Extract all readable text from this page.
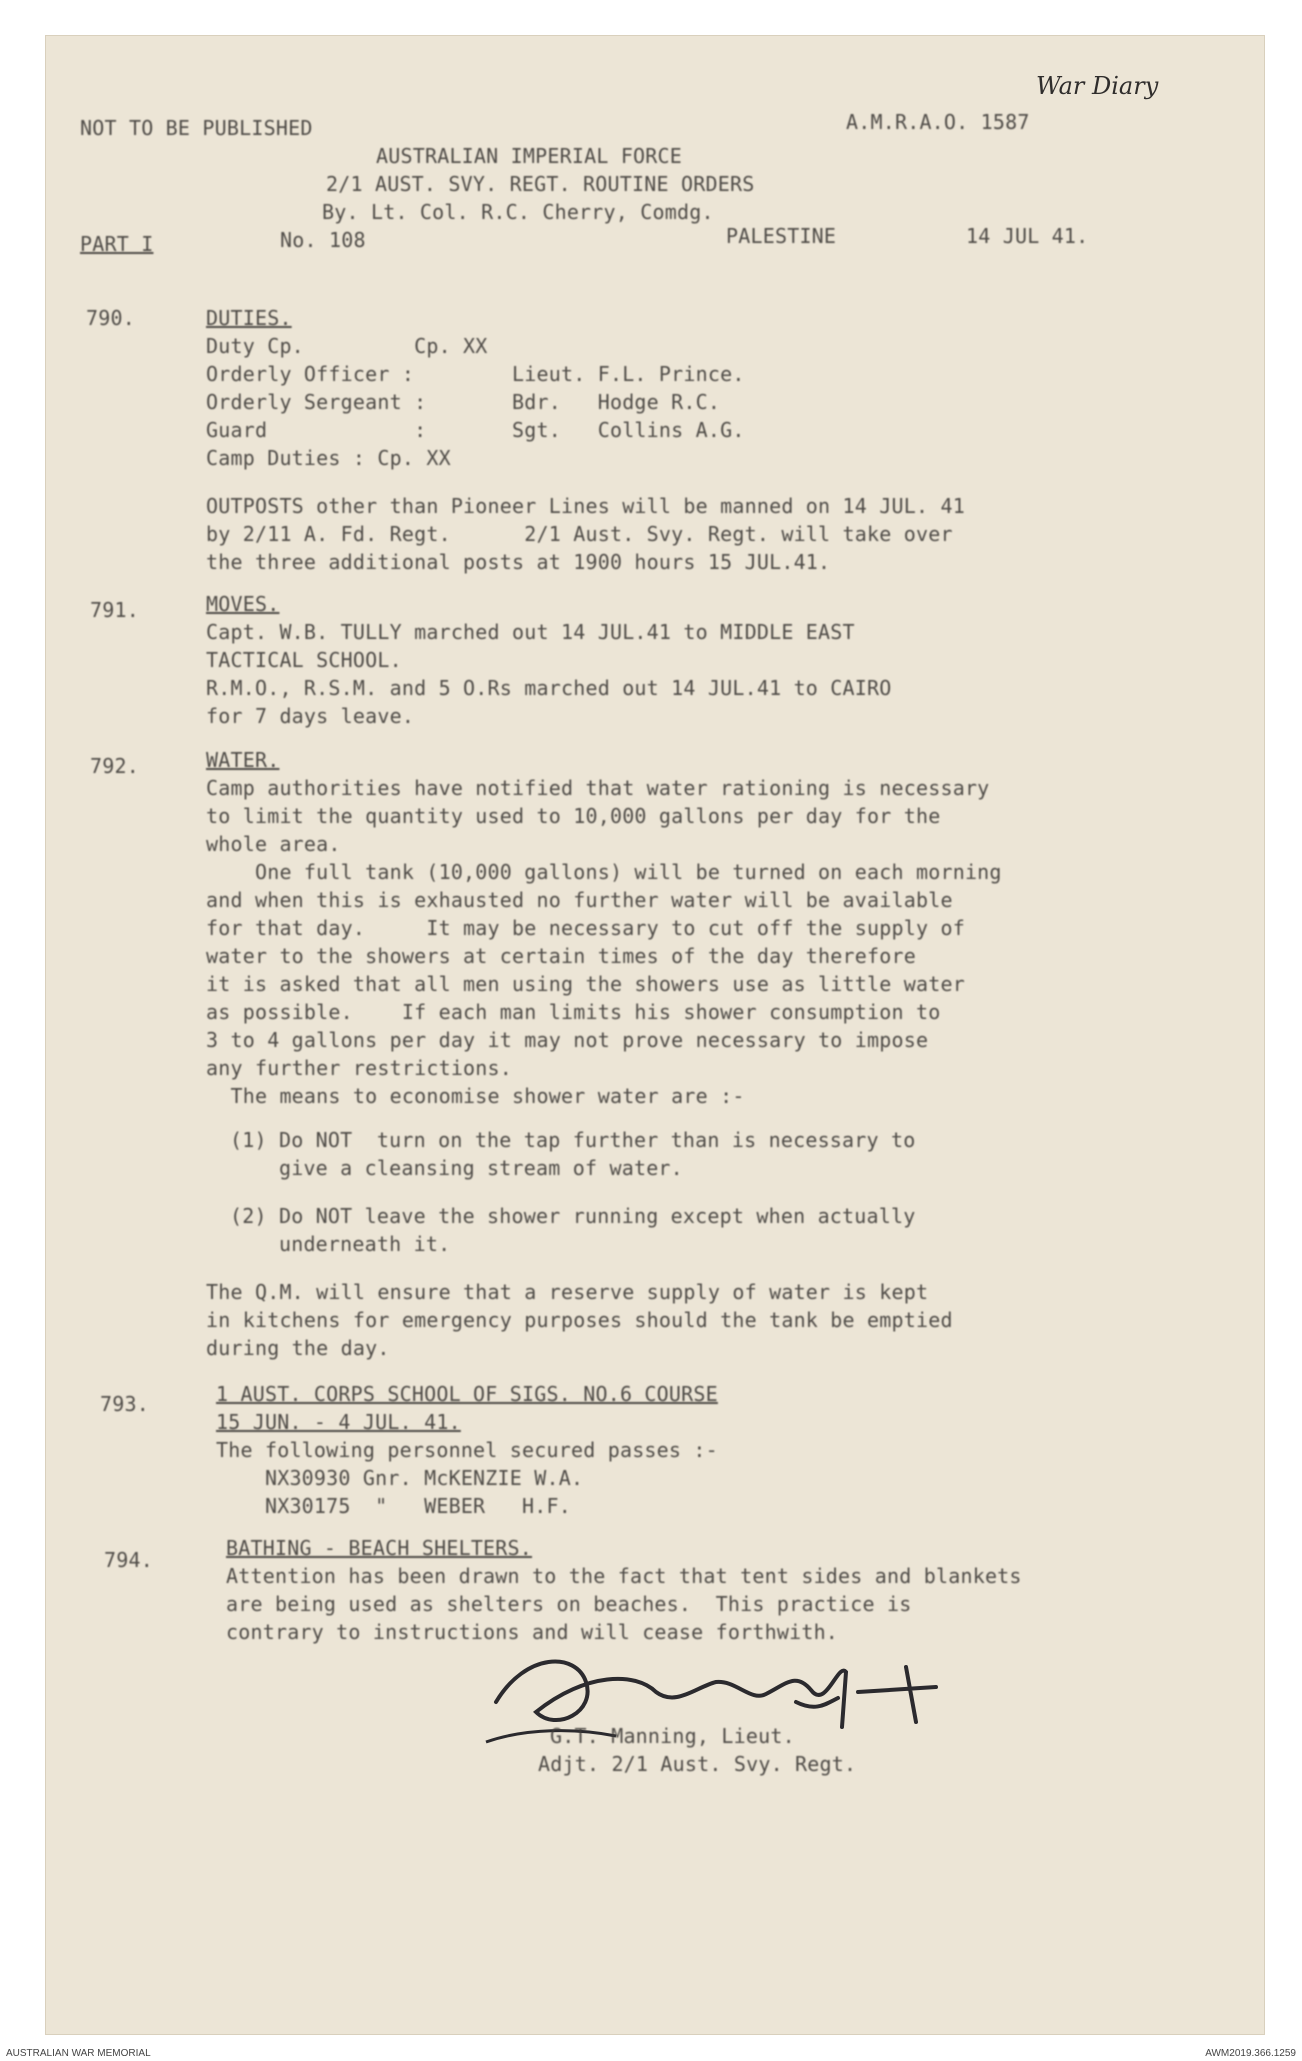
NOT TO BE PUBLISHED	A.M.R.A.O. 1587
War Diary
AUSTRALIAN IMPERIAL FORCE
2/1 AUST. SVY. REGT. ROUTINE ORDERS
By. Lt. Col. R.C. Cherry, Comdg.
PART I	No. 108	PALESTINE	14 JUL 41.
790.	DUTIES.
Duty Cp.         Cp. XX
Orderly Officer :        Lieut. F.L. Prince.
Orderly Sergeant :       Bdr.   Hodge R.C.
Guard            :       Sgt.   Collins A.G.
Camp Duties : Cp. XX
OUTPOSTS other than Pioneer Lines will be manned on 14 JUL. 41
by 2/11 A. Fd. Regt.      2/1 Aust. Svy. Regt. will take over
the three additional posts at 1900 hours 15 JUL.41.
791.	MOVES.
Capt. W.B. TULLY marched out 14 JUL.41 to MIDDLE EAST
TACTICAL SCHOOL.
R.M.O., R.S.M. and 5 O.Rs marched out 14 JUL.41 to CAIRO
for 7 days leave.
792.	WATER.
Camp authorities have notified that water rationing is necessary
to limit the quantity used to 10,000 gallons per day for the
whole area.
One full tank (10,000 gallons) will be turned on each morning
and when this is exhausted no further water will be available
for that day.     It may be necessary to cut off the supply of
water to the showers at certain times of the day therefore
it is asked that all men using the showers use as little water
as possible.    If each man limits his shower consumption to
3 to 4 gallons per day it may not prove necessary to impose
any further restrictions.
The means to economise shower water are :-
(1) Do NOT  turn on the tap further than is necessary to
give a cleansing stream of water.
(2) Do NOT leave the shower running except when actually
underneath it.
The Q.M. will ensure that a reserve supply of water is kept
in kitchens for emergency purposes should the tank be emptied
during the day.
793.	1 AUST. CORPS SCHOOL OF SIGS. NO.6 COURSE
15 JUN. - 4 JUL. 41.
The following personnel secured passes :-
NX30930 Gnr. McKENZIE W.A.
NX30175  "   WEBER   H.F.
794.	BATHING - BEACH SHELTERS.
Attention has been drawn to the fact that tent sides and blankets
are being used as shelters on beaches.  This practice is
contrary to instructions and will cease forthwith.
G.T. Manning, Lieut.
Adjt. 2/1 Aust. Svy. Regt.
AUSTRALIAN WAR MEMORIAL	AWM2019.366.1259
